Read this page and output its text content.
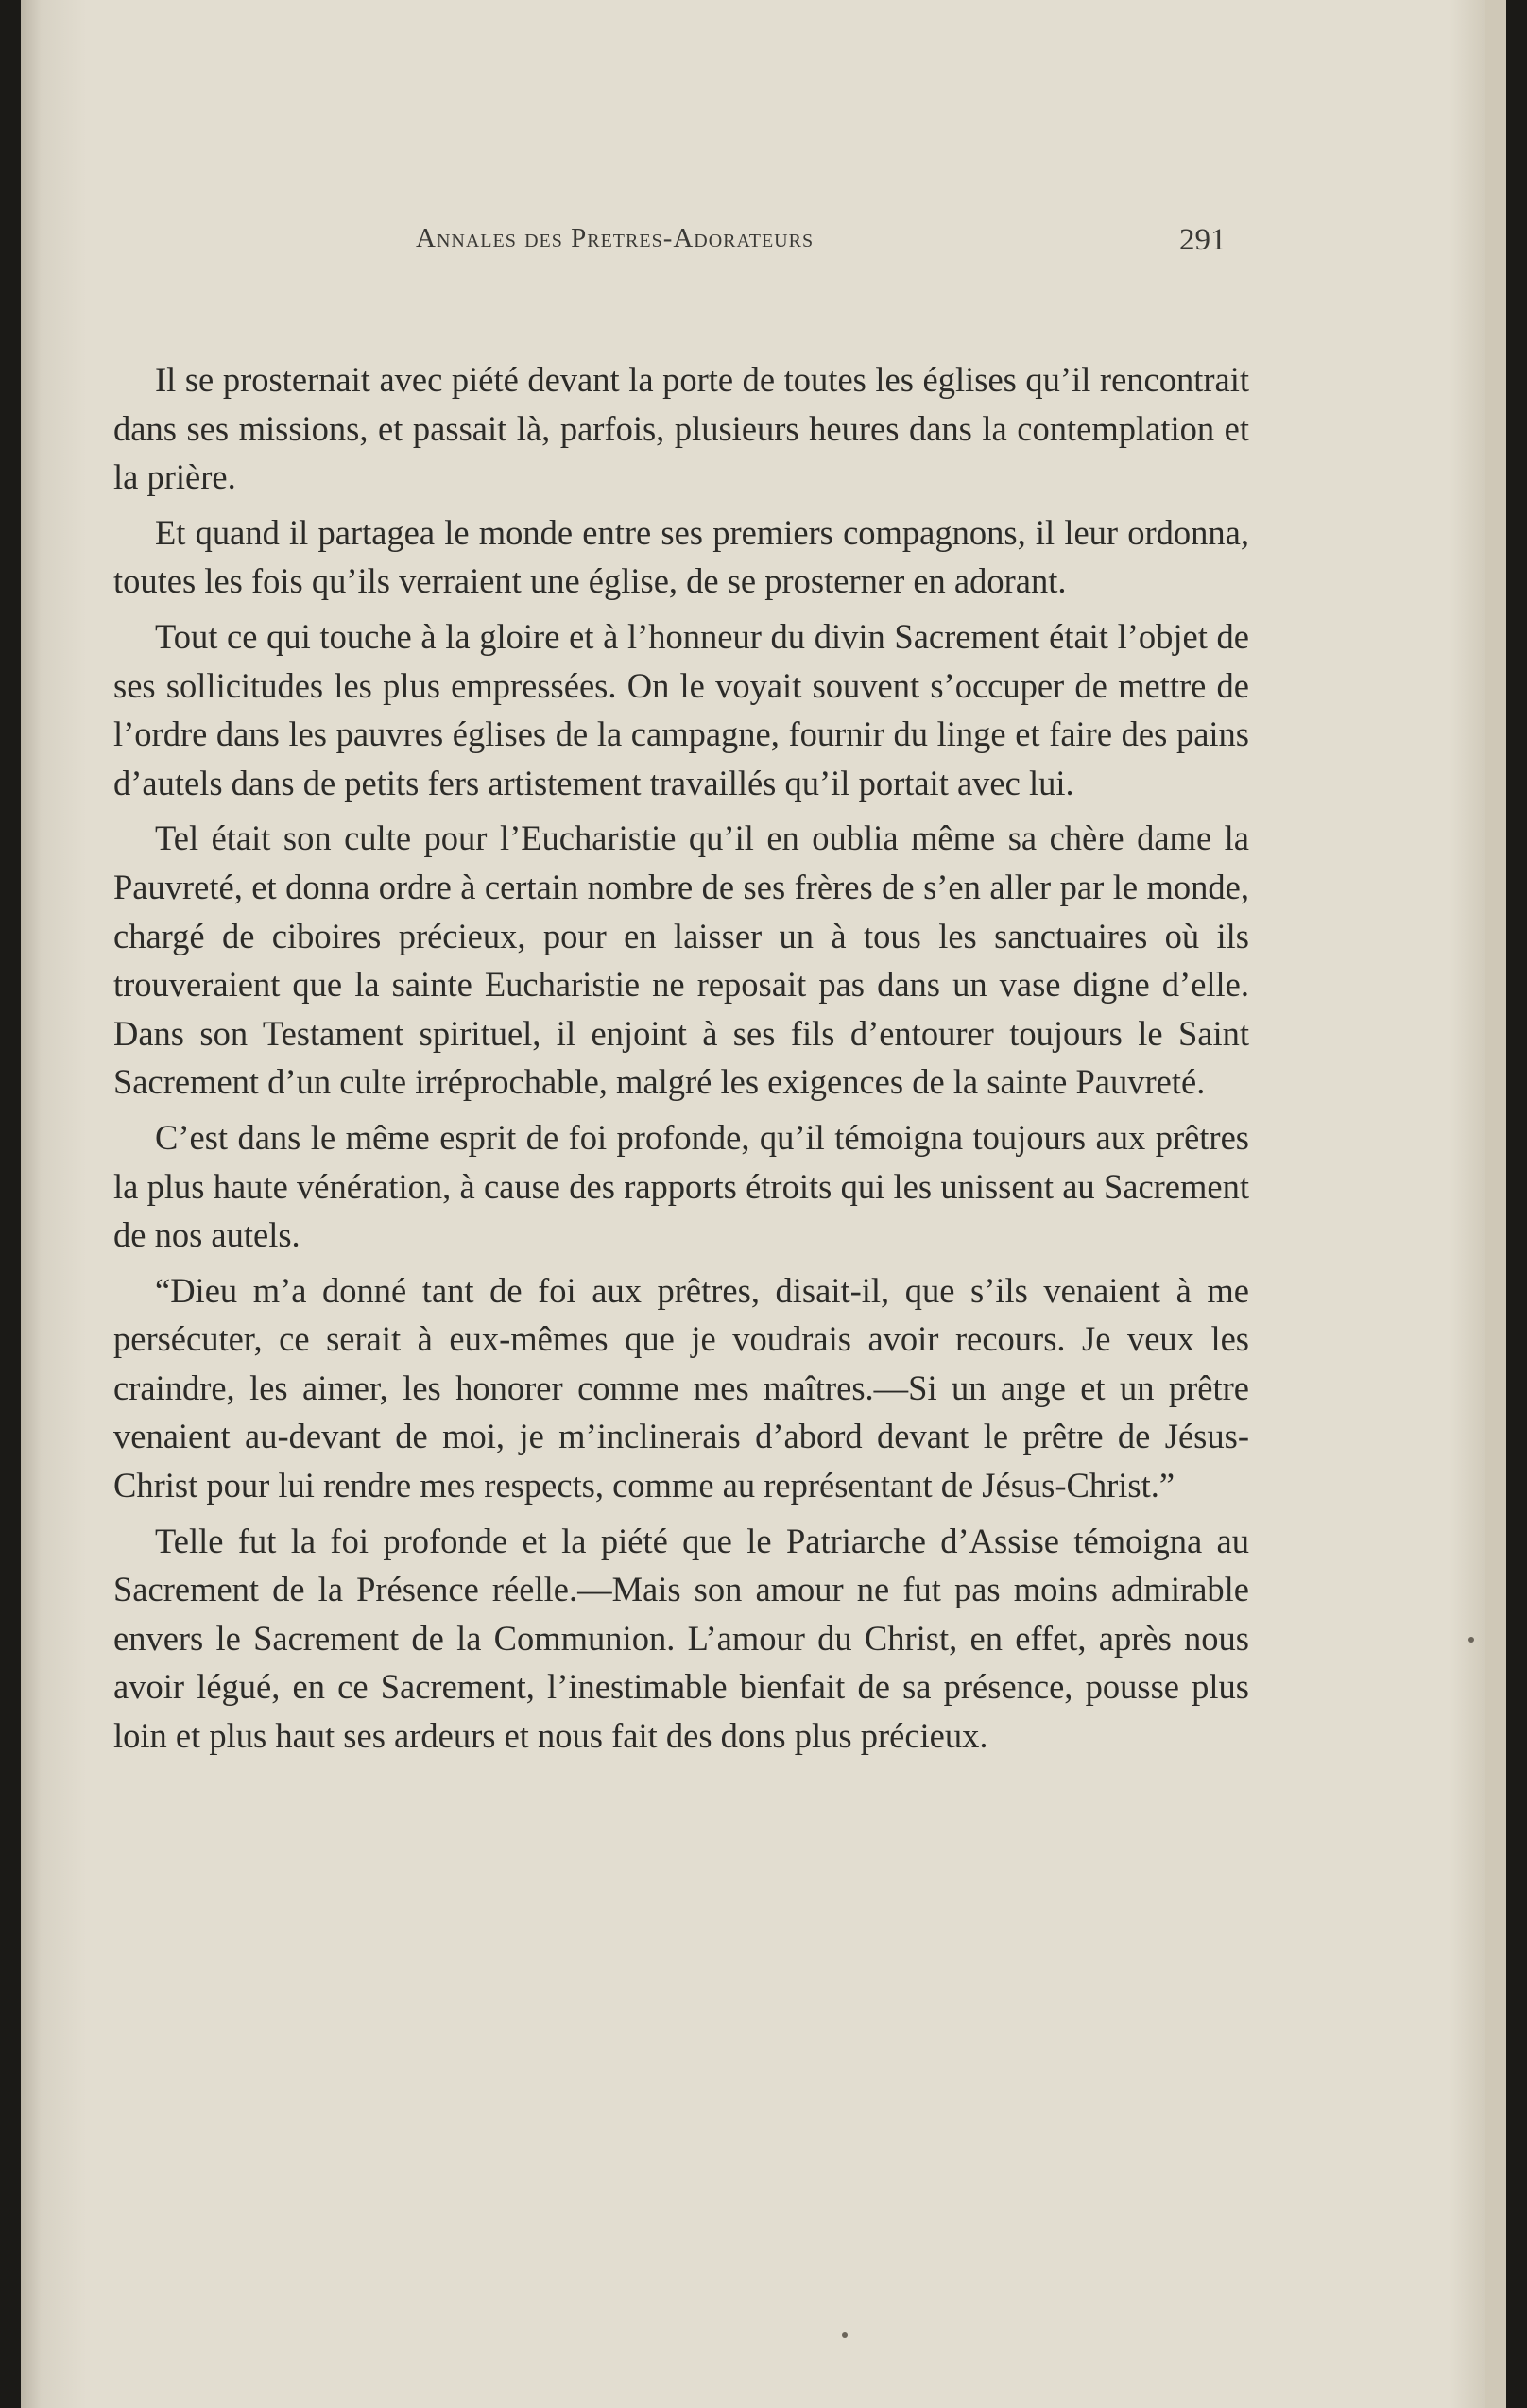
Annales des Pretres-Adorateurs	291

Il se prosternait avec piété devant la porte de toutes les églises qu’il rencontrait dans ses missions, et passait là, parfois, plusieurs heures dans la contemplation et la prière.

Et quand il partagea le monde entre ses premiers compagnons, il leur ordonna, toutes les fois qu’ils verraient une église, de se prosterner en adorant.

Tout ce qui touche à la gloire et à l’honneur du divin Sacrement était l’objet de ses sollicitudes les plus empressées. On le voyait souvent s’occuper de mettre de l’ordre dans les pauvres églises de la campagne, fournir du linge et faire des pains d’autels dans de petits fers artistement travaillés qu’il portait avec lui.

Tel était son culte pour l’Eucharistie qu’il en oublia même sa chère dame la Pauvreté, et donna ordre à certain nombre de ses frères de s’en aller par le monde, chargé de ciboires précieux, pour en laisser un à tous les sanctuaires où ils trouveraient que la sainte Eucharistie ne reposait pas dans un vase digne d’elle. Dans son Testament spirituel, il enjoint à ses fils d’entourer toujours le Saint Sacrement d’un culte irréprochable, malgré les exigences de la sainte Pauvreté.

C’est dans le même esprit de foi profonde, qu’il témoigna toujours aux prêtres la plus haute vénération, à cause des rapports étroits qui les unissent au Sacrement de nos autels.

“Dieu m’a donné tant de foi aux prêtres, disait-il, que s’ils venaient à me persécuter, ce serait à eux-mêmes que je voudrais avoir recours. Je veux les craindre, les aimer, les honorer comme mes maîtres.—Si un ange et un prêtre venaient au-devant de moi, je m’inclinerais d’abord devant le prêtre de Jésus-Christ pour lui rendre mes respects, comme au représentant de Jésus-Christ.”

Telle fut la foi profonde et la piété que le Patriarche d’Assise témoigna au Sacrement de la Présence réelle.—Mais son amour ne fut pas moins admirable envers le Sacrement de la Communion. L’amour du Christ, en effet, après nous avoir légué, en ce Sacrement, l’inestimable bienfait de sa présence, pousse plus loin et plus haut ses ardeurs et nous fait des dons plus précieux.
